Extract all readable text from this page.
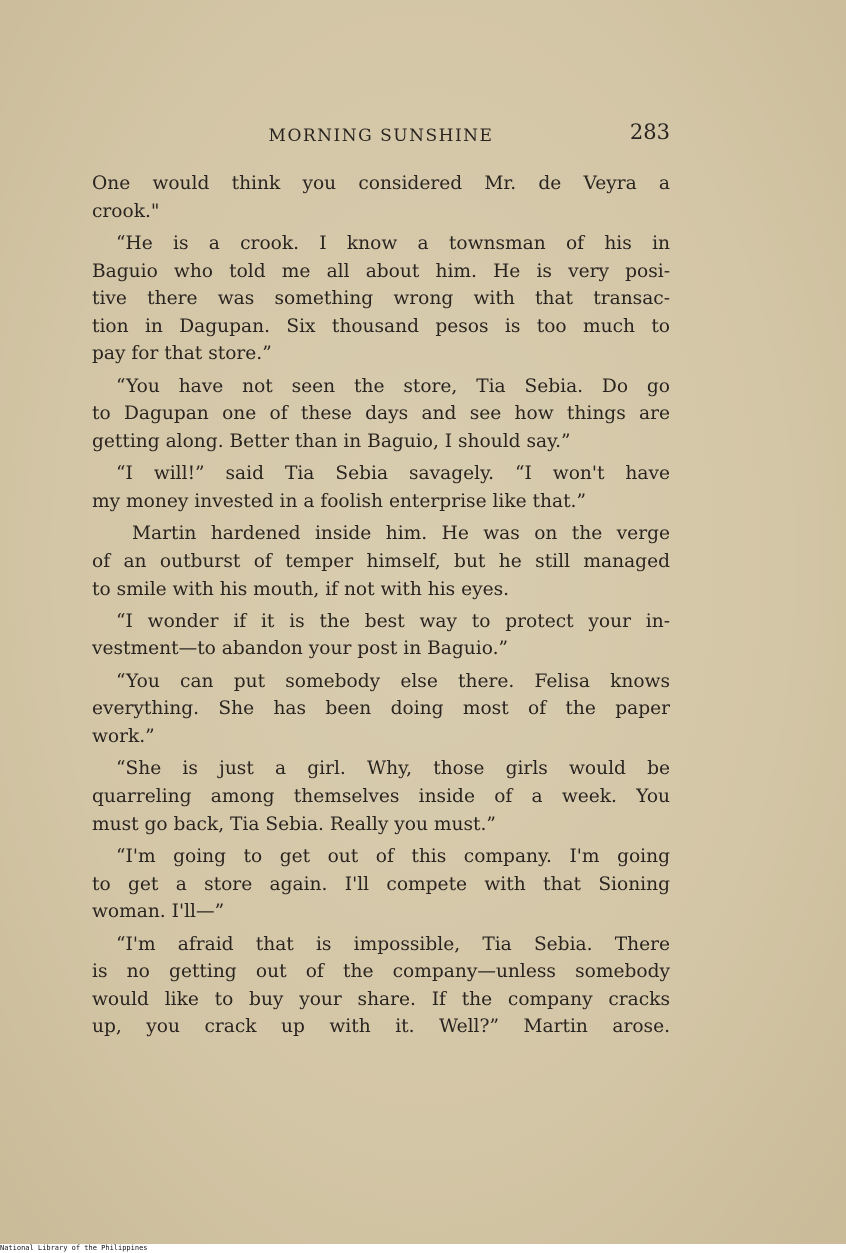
MORNING SUNSHINE	283

One would think you considered Mr. de Veyra a
crook."

“He is a crook. I know a townsman of his in
Baguio who told me all about him. He is very posi-
tive there was something wrong with that transac-
tion in Dagupan. Six thousand pesos is too much to
pay for that store.”

“You have not seen the store, Tia Sebia. Do go
to Dagupan one of these days and see how things are
getting along. Better than in Baguio, I should say.”

“I will!” said Tia Sebia savagely. “I won't have
my money invested in a foolish enterprise like that.”

Martin hardened inside him. He was on the verge
of an outburst of temper himself, but he still managed
to smile with his mouth, if not with his eyes.

“I wonder if it is the best way to protect your in-
vestment—to abandon your post in Baguio.”

“You can put somebody else there. Felisa knows
everything. She has been doing most of the paper
work.”

“She is just a girl. Why, those girls would be
quarreling among themselves inside of a week. You
must go back, Tia Sebia. Really you must.”

“I'm going to get out of this company. I'm going
to get a store again. I'll compete with that Sioning
woman. I'll—”

“I'm afraid that is impossible, Tia Sebia. There
is no getting out of the company—unless somebody
would like to buy your share. If the company cracks
up, you crack up with it. Well?” Martin arose.

National Library of the Philippines
